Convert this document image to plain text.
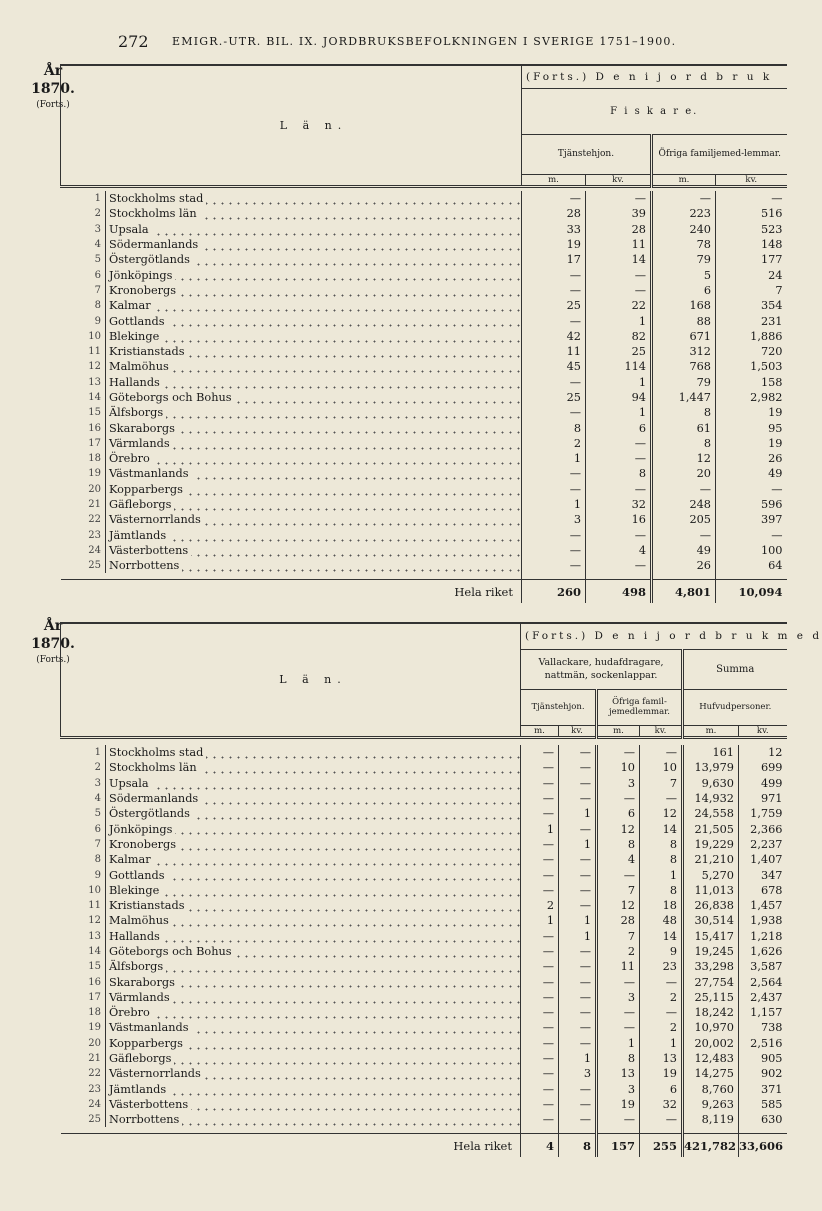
272 EMIGR.-UTR. BIL. IX. JORDBRUKSBEFOLKNINGEN I SVERIGE 1751–1900.
År
1870.
(Forts.)
L ä n.		(Forts.) D e n i j o r d b r u k			
		F i s k a r e.			
		Tjänstehjon.		Öfriga familjemed-lemmar.	
		m.	kv.	m.	kv.

1	Stockholms stad	—	—	—	—
2	Stockholms län	28	39	223	516
3	Upsala	33	28	240	523
4	Södermanlands	19	11	78	148
5	Östergötlands	17	14	79	177
6	Jönköpings	—	—	5	24
7	Kronobergs	—	—	6	7
8	Kalmar	25	22	168	354
9	Gottlands	—	1	88	231
10	Blekinge	42	82	671	1,886
11	Kristianstads	11	25	312	720
12	Malmöhus	45	114	768	1,503
13	Hallands	—	1	79	158
14	Göteborgs och Bohus	25	94	1,447	2,982
15	Älfsborgs	—	1	8	19
16	Skaraborgs	8	6	61	95
17	Värmlands	2	—	8	19
18	Örebro	1	—	12	26
19	Västmanlands	—	8	20	49
20	Kopparbergs	—	—	—	—
21	Gäfleborgs	1	32	248	596
22	Västernorrlands	3	16	205	397
23	Jämtlands	—	—	—	—
24	Västerbottens	—	4	49	100
25	Norrbottens	—	—	26	64

	Hela riket	260	498	4,801	10,094
År
1870.
(Forts.)
L ä n.		(Forts.) D e n i j o r d b r u k m e d					
		Vallackare, hudafdragare, nattmän, sockenlappar.				Summa	
		Tjänstehjon.		Öfriga famil-jemedlemmar.		Hufvudpersoner.	
		m.	kv.	m.	kv.	m.	kv.

1	Stockholms stad	—	—	—	—	161	12
2	Stockholms län	—	—	10	10	13,979	699
3	Upsala	—	—	3	7	9,630	499
4	Södermanlands	—	—	—	—	14,932	971
5	Östergötlands	—	1	6	12	24,558	1,759
6	Jönköpings	1	—	12	14	21,505	2,366
7	Kronobergs	—	1	8	8	19,229	2,237
8	Kalmar	—	—	4	8	21,210	1,407
9	Gottlands	—	—	—	1	5,270	347
10	Blekinge	—	—	7	8	11,013	678
11	Kristianstads	2	—	12	18	26,838	1,457
12	Malmöhus	1	1	28	48	30,514	1,938
13	Hallands	—	1	7	14	15,417	1,218
14	Göteborgs och Bohus	—	—	2	9	19,245	1,626
15	Älfsborgs	—	—	11	23	33,298	3,587
16	Skaraborgs	—	—	—	—	27,754	2,564
17	Värmlands	—	—	3	2	25,115	2,437
18	Örebro	—	—	—	—	18,242	1,157
19	Västmanlands	—	—	—	2	10,970	738
20	Kopparbergs	—	—	1	1	20,002	2,516
21	Gäfleborgs	—	1	8	13	12,483	905
22	Västernorrlands	—	3	13	19	14,275	902
23	Jämtlands	—	—	3	6	8,760	371
24	Västerbottens	—	—	19	32	9,263	585
25	Norrbottens	—	—	—	—	8,119	630

	Hela riket	4	8	157	255	421,782	33,606
